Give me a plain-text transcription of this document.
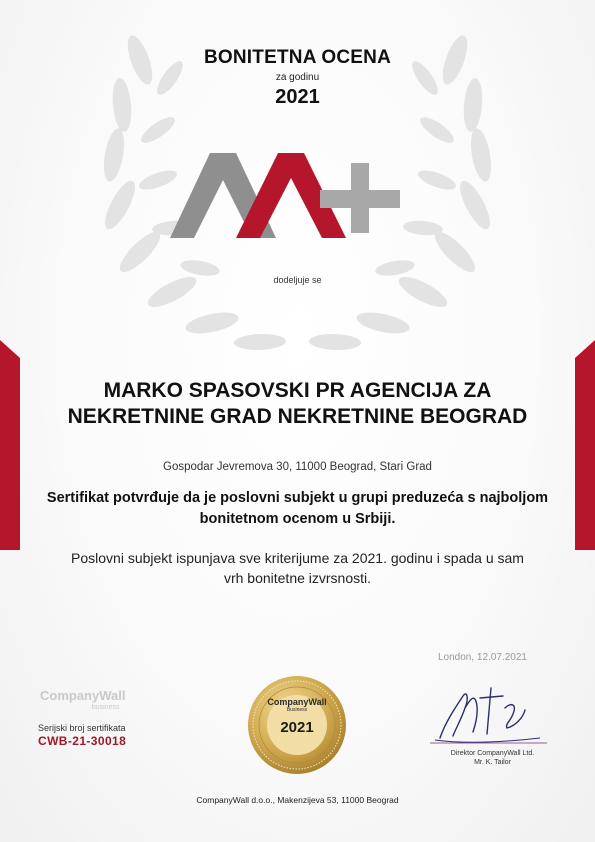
BONITETNA OCENA
za godinu
2021
dodeljuje se
MARKO SPASOVSKI PR AGENCIJA ZA NEKRETNINE GRAD NEKRETNINE BEOGRAD
Gospodar Jevremova 30, 11000 Beograd, Stari Grad
Sertifikat potvrđuje da je poslovni subjekt u grupi preduzeća s najboljom bonitetnom ocenom u Srbiji.
Poslovni subjekt ispunjava sve kriterijume za 2021. godinu i spada u sam vrh bonitetne izvrsnosti.
CompanyWall
business
Serijski broj sertifikata
CWB-21-30018
CompanyWall
Business
2021
London, 12.07.2021
Direktor CompanyWall Ltd.
Mr. K. Tailor
CompanyWall d.o.o., Makenzijeva 53, 11000 Beograd
